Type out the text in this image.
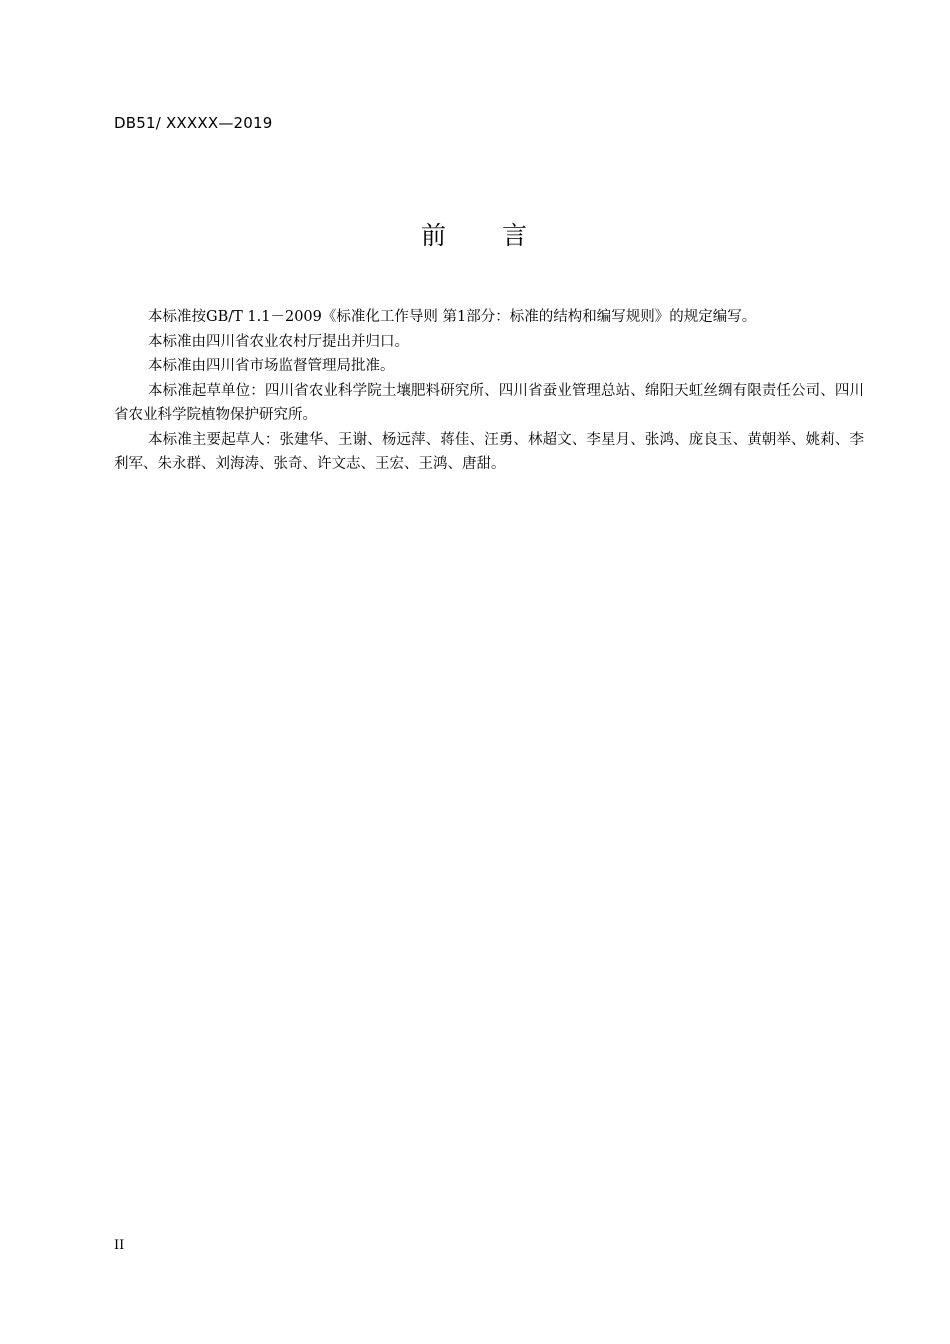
DB51/ XXXXX—2019
前　　言

本标准按GB/T 1.1－2009《标准化工作导则 第1部分：标准的结构和编写规则》的规定编写。

本标准由四川省农业农村厅提出并归口。

本标准由四川省市场监督管理局批准。

本标准起草单位：四川省农业科学院土壤肥料研究所、四川省蚕业管理总站、绵阳天虹丝绸有限责任公司、四川省农业科学院植物保护研究所。

本标准主要起草人：张建华、王谢、杨远萍、蒋佳、汪勇、林超文、李星月、张鸿、庞良玉、黄朝举、姚莉、李利军、朱永群、刘海涛、张奇、许文志、王宏、王鸿、唐甜。

II
